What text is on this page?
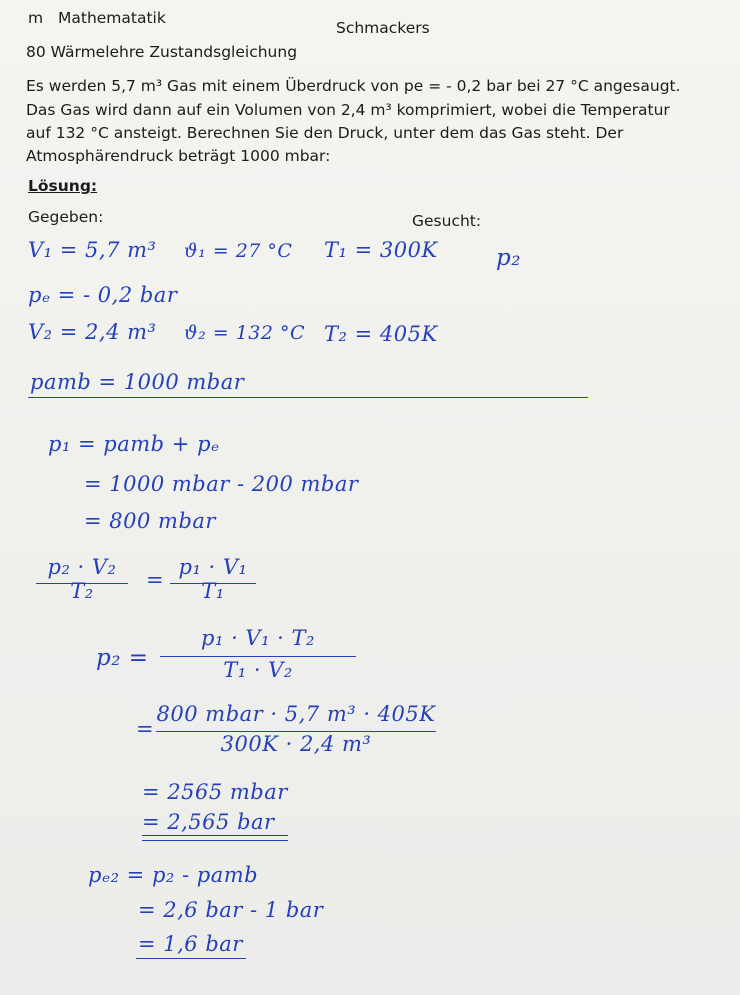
m Mathematatik
Schmackers
80 Wärmelehre Zustandsgleichung
Es werden 5,7 m³ Gas mit einem Überdruck von pe = - 0,2 bar bei 27 °C angesaugt.
Das Gas wird dann auf ein Volumen von 2,4 m³ komprimiert, wobei die Temperatur
auf 132 °C ansteigt. Berechnen Sie den Druck, unter dem das Gas steht. Der
Atmosphärendruck beträgt 1000 mbar:
Lösung:
Gegeben:	Gesucht:
V₁ = 5,7 m³ ϑ₁ = 27 °C T₁ = 300K	p₂
pₑ = - 0,2 bar
V₂ = 2,4 m³ ϑ₂ = 132 °C T₂ = 405K
pamb = 1000 mbar
p₁ = pamb + pₑ
= 1000 mbar - 200 mbar
= 800 mbar
p₂ · V₂
T₂	=
p₁ · V₁
T₁
p₂ =
p₁ · V₁ · T₂
T₁ · V₂
=
800 mbar · 5,7 m³ · 405K
300K · 2,4 m³
= 2565 mbar
= 2,565 bar
pₑ₂ = p₂ - pamb
= 2,6 bar - 1 bar
= 1,6 bar
